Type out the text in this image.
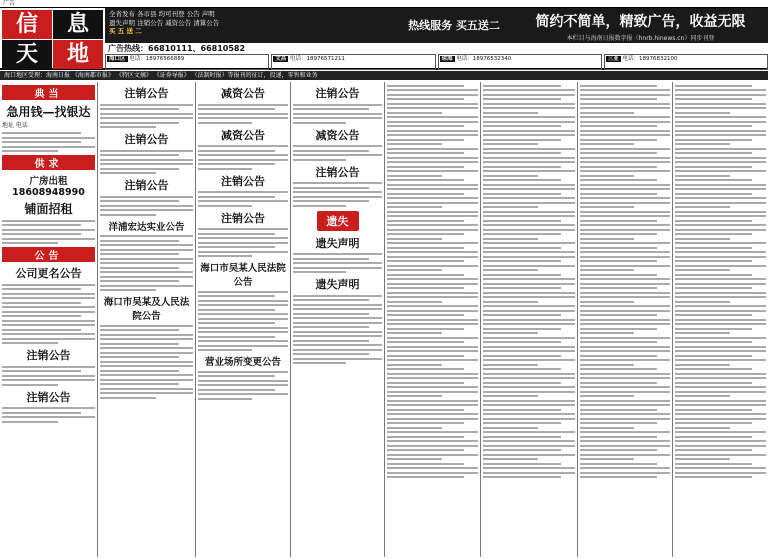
广告
信	息
天	地
全省发布 各市县 均可刊登 公告 声明
遗失声明 注销公告 减资公告 清算公告
买 五 送 二
广告热线：66810111、66810582
热线服务 买五送二	简约不简单，精致广告，收益无限
本栏目与海南日报数字报（hnrb.hinews.cn）同步刊登
海口区 电话：18976566889	文昌 电话：18976571211	琼海 电话：18976532340	三亚 电话：18976832100
海口地区受理：海南日报 《海南都市报》 《特区文摘》 《证券导报》 （法制时报）等报刊的征订，投递，零售和业务
典当
急用钱—找银达
地址 电话
供求
广房出租18608948990
铺面招租
公告
公司更名公告
注销公告
注销公告
注销公告
注销公告
注销公告
洋浦宏达实业公告
海口市吴某及人民法院公告
减资公告
减资公告
注销公告
注销公告
海口市吴某人民法院公告
营业场所变更公告
注销公告
减资公告
注销公告
遗失
遗失声明
遗失声明
